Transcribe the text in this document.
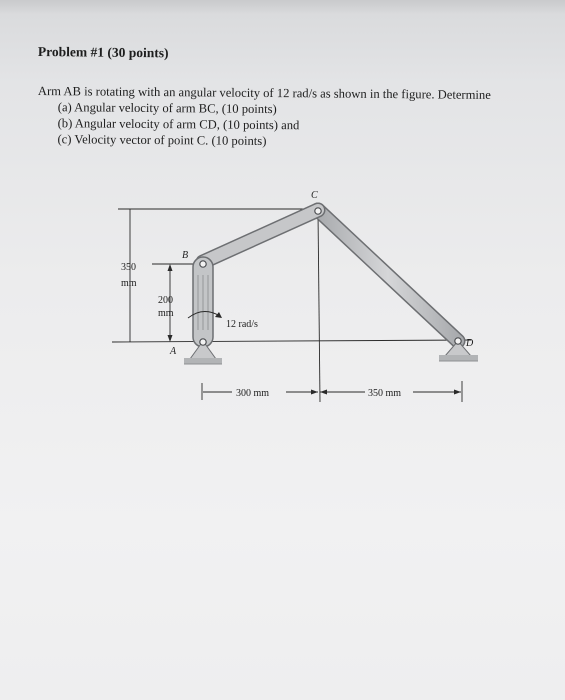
Problem #1 (30 points)
Arm AB is rotating with an angular velocity of 12 rad/s as shown in the figure. Determine
(a) Angular velocity of arm BC, (10 points)
(b) Angular velocity of arm CD, (10 points) and
(c) Velocity vector of point C. (10 points)
A
B
C
D
350
mm
200
mm
12 rad/s
300 mm	350 mm
